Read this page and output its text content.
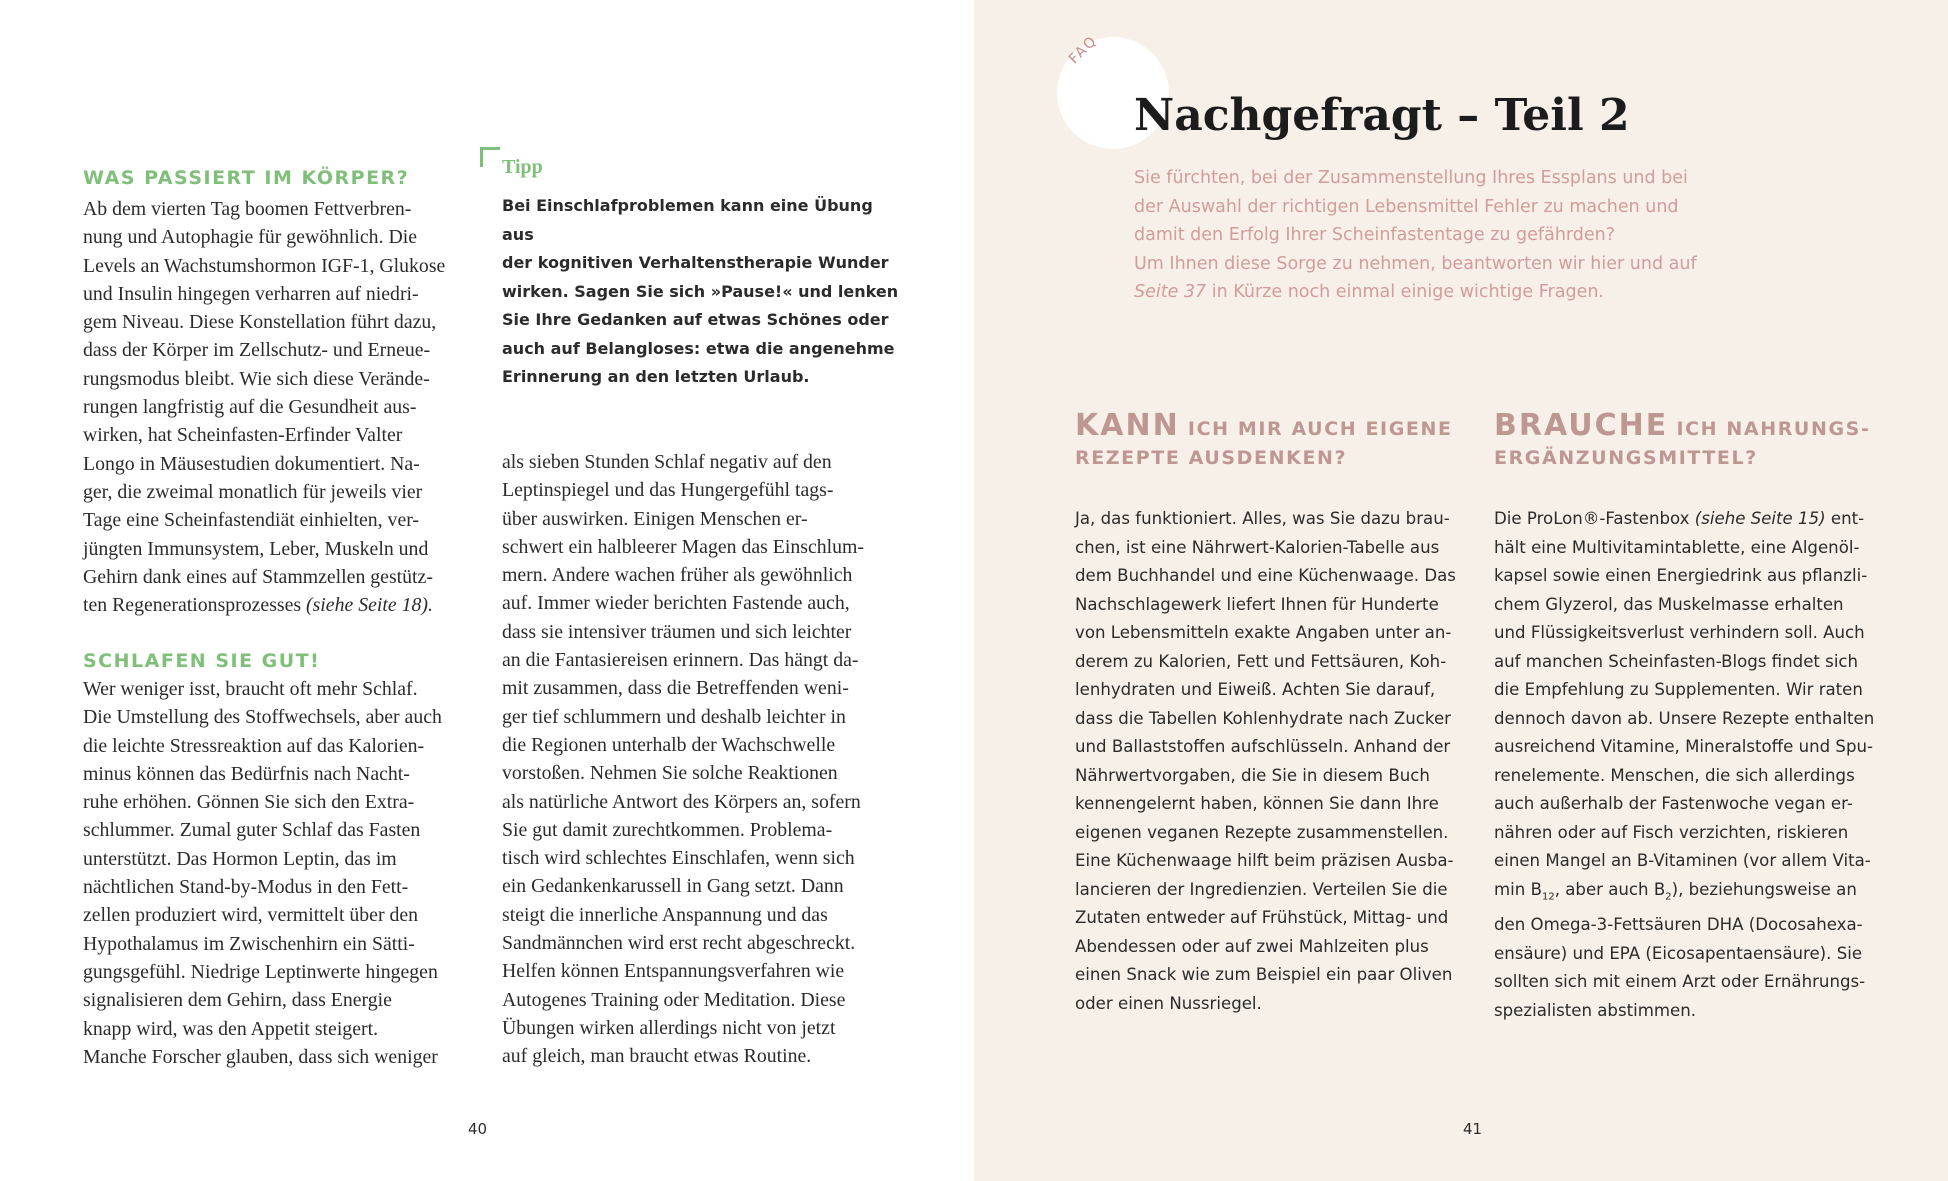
WAS PASSIERT IM KÖRPER?
Ab dem vierten Tag boomen Fettverbren-
nung und Autophagie für gewöhnlich. Die
Levels an Wachstumshormon IGF-1, Glukose
und Insulin hingegen verharren auf niedri-
gem Niveau. Diese Konstellation führt dazu,
dass der Körper im Zellschutz- und Erneue-
rungsmodus bleibt. Wie sich diese Verände-
rungen langfristig auf die Gesundheit aus-
wirken, hat Scheinfasten-Erfinder Valter
Longo in Mäusestudien dokumentiert. Na-
ger, die zweimal monatlich für jeweils vier
Tage eine Scheinfastendiät einhielten, ver-
jüngten Immunsystem, Leber, Muskeln und
Gehirn dank eines auf Stammzellen gestütz-
ten Regenerationsprozesses (siehe Seite 18).
SCHLAFEN SIE GUT!
Wer weniger isst, braucht oft mehr Schlaf.
Die Umstellung des Stoffwechsels, aber auch
die leichte Stressreaktion auf das Kalorien-
minus können das Bedürfnis nach Nacht-
ruhe erhöhen. Gönnen Sie sich den Extra-
schlummer. Zumal guter Schlaf das Fasten
unterstützt. Das Hormon Leptin, das im
nächtlichen Stand-by-Modus in den Fett-
zellen produziert wird, vermittelt über den
Hypothalamus im Zwischenhirn ein Sätti-
gungsgefühl. Niedrige Leptinwerte hingegen
signalisieren dem Gehirn, dass Energie
knapp wird, was den Appetit steigert.
Manche Forscher glauben, dass sich weniger
Tipp
Bei Einschlafproblemen kann eine Übung aus
der kognitiven Verhaltenstherapie Wunder
wirken. Sagen Sie sich »Pause!« und lenken
Sie Ihre Gedanken auf etwas Schönes oder
auch auf Belangloses: etwa die angenehme
Erinnerung an den letzten Urlaub.
als sieben Stunden Schlaf negativ auf den
Leptinspiegel und das Hungergefühl tags-
über auswirken. Einigen Menschen er-
schwert ein halbleerer Magen das Einschlum-
mern. Andere wachen früher als gewöhnlich
auf. Immer wieder berichten Fastende auch,
dass sie intensiver träumen und sich leichter
an die Fantasiereisen erinnern. Das hängt da-
mit zusammen, dass die Betreffenden weni-
ger tief schlummern und deshalb leichter in
die Regionen unterhalb der Wachschwelle
vorstoßen. Nehmen Sie solche Reaktionen
als natürliche Antwort des Körpers an, sofern
Sie gut damit zurechtkommen. Problema-
tisch wird schlechtes Einschlafen, wenn sich
ein Gedankenkarussell in Gang setzt. Dann
steigt die innerliche Anspannung und das
Sandmännchen wird erst recht abgeschreckt.
Helfen können Entspannungsverfahren wie
Autogenes Training oder Meditation. Diese
Übungen wirken allerdings nicht von jetzt
auf gleich, man braucht etwas Routine.
40
FAQ
Nachgefragt – Teil 2
Sie fürchten, bei der Zusammenstellung Ihres Essplans und bei
der Auswahl der richtigen Lebensmittel Fehler zu machen und
damit den Erfolg Ihrer Scheinfastentage zu gefährden?
Um Ihnen diese Sorge zu nehmen, beantworten wir hier und auf
Seite 37 in Kürze noch einmal einige wichtige Fragen.
KANN ICH MIR AUCH EIGENE
REZEPTE AUSDENKEN?
Ja, das funktioniert. Alles, was Sie dazu brau-
chen, ist eine Nährwert-Kalorien-Tabelle aus
dem Buchhandel und eine Küchenwaage. Das
Nachschlagewerk liefert Ihnen für Hunderte
von Lebensmitteln exakte Angaben unter an-
derem zu Kalorien, Fett und Fettsäuren, Koh-
lenhydraten und Eiweiß. Achten Sie darauf,
dass die Tabellen Kohlenhydrate nach Zucker
und Ballaststoffen aufschlüsseln. Anhand der
Nährwertvorgaben, die Sie in diesem Buch
kennengelernt haben, können Sie dann Ihre
eigenen veganen Rezepte zusammenstellen.
Eine Küchenwaage hilft beim präzisen Ausba-
lancieren der Ingredienzien. Verteilen Sie die
Zutaten entweder auf Frühstück, Mittag- und
Abendessen oder auf zwei Mahlzeiten plus
einen Snack wie zum Beispiel ein paar Oliven
oder einen Nussriegel.
BRAUCHE ICH NAHRUNGS-
ERGÄNZUNGSMITTEL?
Die ProLon®-Fastenbox (siehe Seite 15) ent-
hält eine Multivitamintablette, eine Algenöl-
kapsel sowie einen Energiedrink aus pflanzli-
chem Glyzerol, das Muskelmasse erhalten
und Flüssigkeitsverlust verhindern soll. Auch
auf manchen Scheinfasten-Blogs findet sich
die Empfehlung zu Supplementen. Wir raten
dennoch davon ab. Unsere Rezepte enthalten
ausreichend Vitamine, Mineralstoffe und Spu-
renelemente. Menschen, die sich allerdings
auch außerhalb der Fastenwoche vegan er-
nähren oder auf Fisch verzichten, riskieren
einen Mangel an B-Vitaminen (vor allem Vita-
$\min B_{12}$, aber auch $B_2$), beziehungsweise an
den Omega-3-Fettsäuren DHA (Docosahexa-
ensäure) und EPA (Eicosapentaensäure). Sie
sollten sich mit einem Arzt oder Ernährungs-
spezialisten abstimmen.
41
